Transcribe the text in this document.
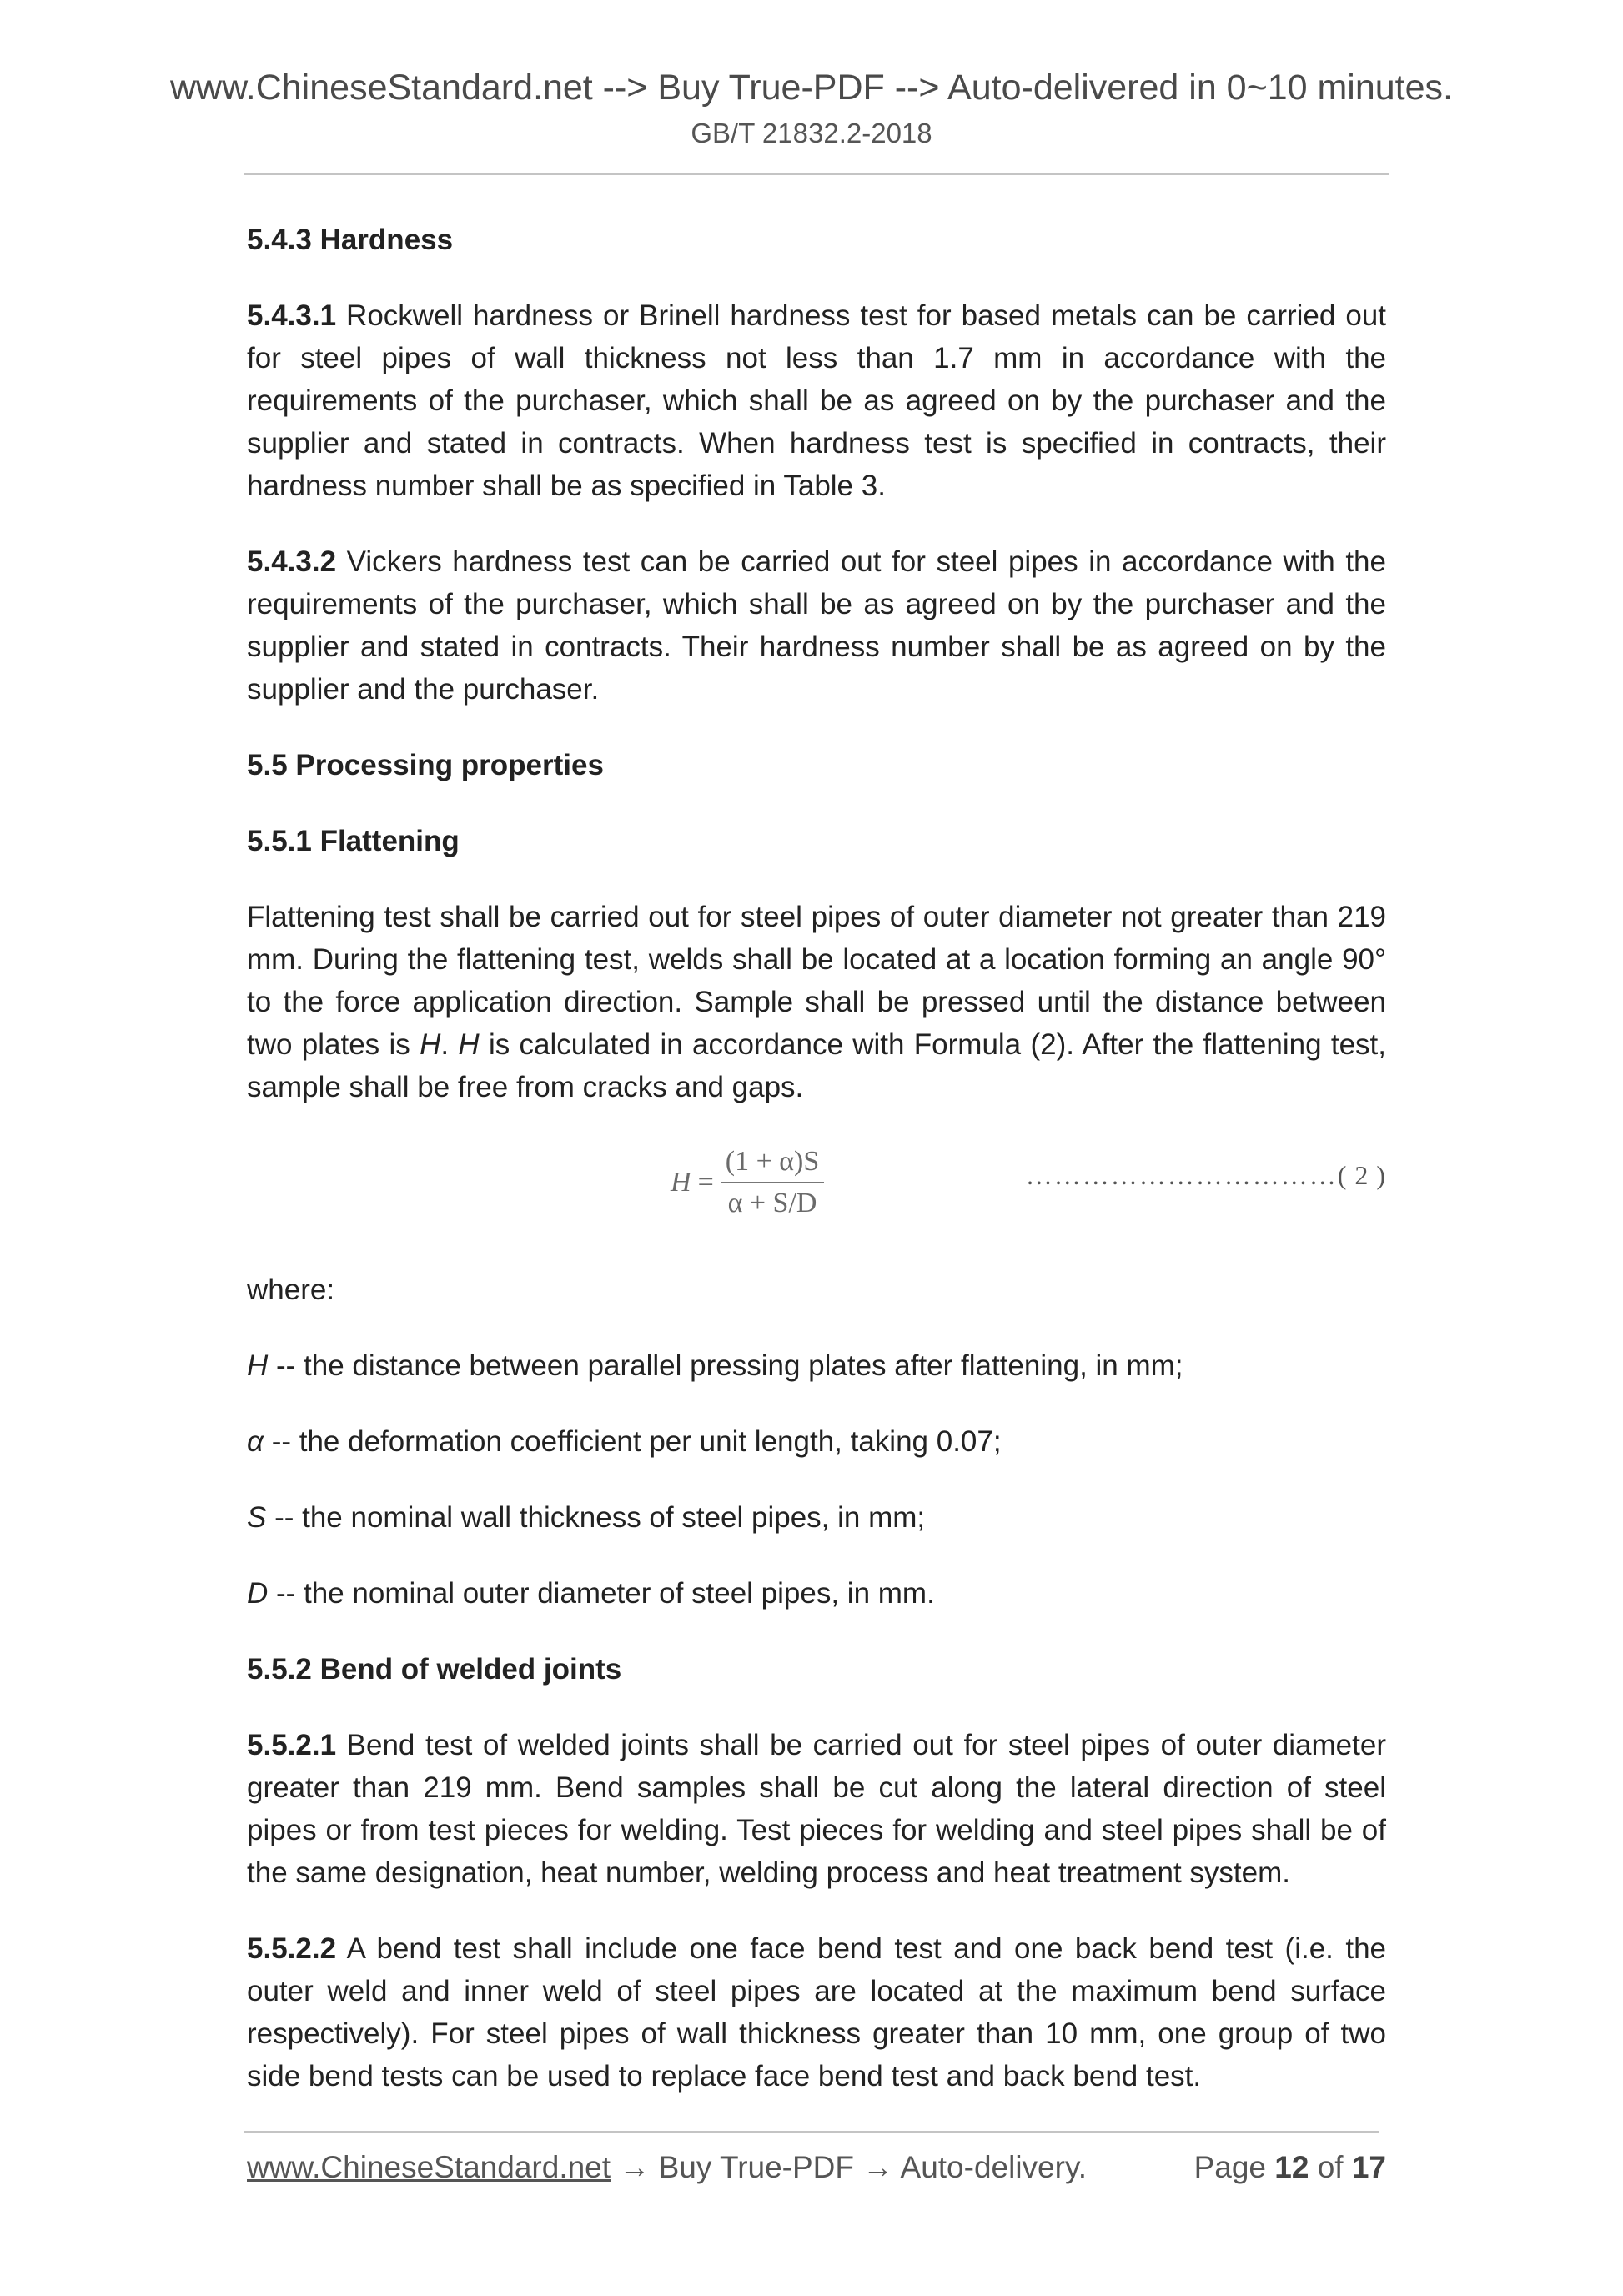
www.ChineseStandard.net --> Buy True-PDF --> Auto-delivered in 0~10 minutes.
GB/T 21832.2-2018
5.4.3 Hardness

5.4.3.1 Rockwell hardness or Brinell hardness test for based metals can be carried out for steel pipes of wall thickness not less than 1.7 mm in accordance with the requirements of the purchaser, which shall be as agreed on by the purchaser and the supplier and stated in contracts. When hardness test is specified in contracts, their hardness number shall be as specified in Table 3.

5.4.3.2 Vickers hardness test can be carried out for steel pipes in accordance with the requirements of the purchaser, which shall be as agreed on by the purchaser and the supplier and stated in contracts. Their hardness number shall be as agreed on by the supplier and the purchaser.

5.5 Processing properties
5.5.1 Flattening

Flattening test shall be carried out for steel pipes of outer diameter not greater than 219 mm. During the flattening test, welds shall be located at a location forming an angle 90° to the force application direction. Sample shall be pressed until the distance between two plates is H. H is calculated in accordance with Formula (2). After the flattening test, sample shall be free from cracks and gaps.

$H = \frac{(1 + \alpha)S}{\alpha + S/D}$	……………………………( 2 )

where:

H -- the distance between parallel pressing plates after flattening, in mm;

α -- the deformation coefficient per unit length, taking 0.07;

S -- the nominal wall thickness of steel pipes, in mm;

D -- the nominal outer diameter of steel pipes, in mm.

5.5.2 Bend of welded joints

5.5.2.1 Bend test of welded joints shall be carried out for steel pipes of outer diameter greater than 219 mm. Bend samples shall be cut along the lateral direction of steel pipes or from test pieces for welding. Test pieces for welding and steel pipes shall be of the same designation, heat number, welding process and heat treatment system.

5.5.2.2 A bend test shall include one face bend test and one back bend test (i.e. the outer weld and inner weld of steel pipes are located at the maximum bend surface respectively). For steel pipes of wall thickness greater than 10 mm, one group of two side bend tests can be used to replace face bend test and back bend test.

www.ChineseStandard.net → Buy True-PDF → Auto-delivery.	Page 12 of 17
